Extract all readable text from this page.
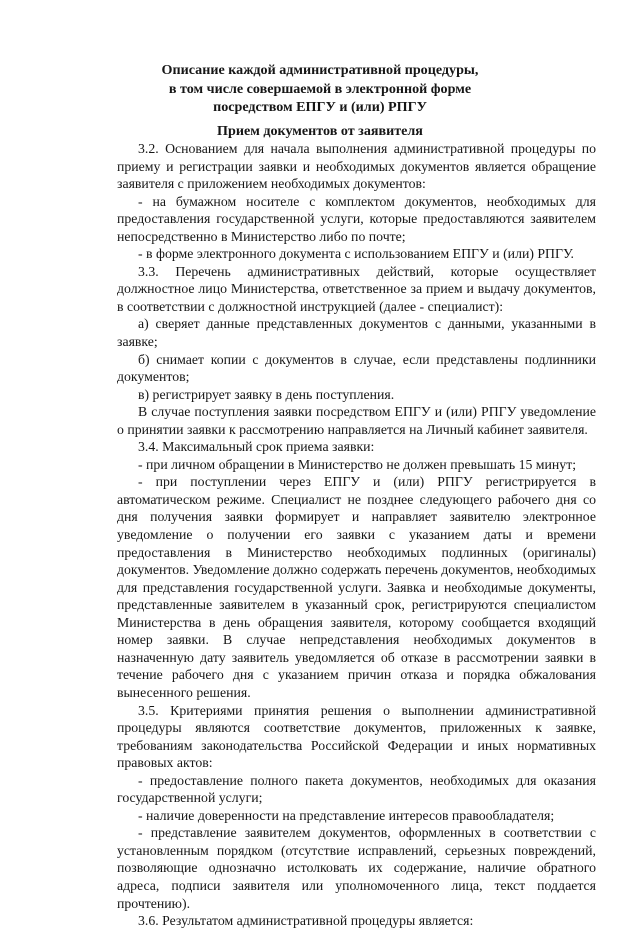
Описание каждой административной процедуры,
в том числе совершаемой в электронной форме
посредством ЕПГУ и (или) РПГУ
Прием документов от заявителя

3.2. Основанием для начала выполнения административной процедуры по приему и регистрации заявки и необходимых документов является обращение заявителя с приложением необходимых документов:

- на бумажном носителе с комплектом документов, необходимых для предоставления государственной услуги, которые предоставляются заявителем непосредственно в Министерство либо по почте;

- в форме электронного документа с использованием ЕПГУ и (или) РПГУ.

3.3. Перечень административных действий, которые осуществляет должностное лицо Министерства, ответственное за прием и выдачу документов, в соответствии с должностной инструкцией (далее - специалист):

а) сверяет данные представленных документов с данными, указанными в заявке;

б) снимает копии с документов в случае, если представлены подлинники документов;

в) регистрирует заявку в день поступления.

В случае поступления заявки посредством ЕПГУ и (или) РПГУ уведомление о принятии заявки к рассмотрению направляется на Личный кабинет заявителя.

3.4. Максимальный срок приема заявки:

- при личном обращении в Министерство не должен превышать 15 минут;

- при поступлении через ЕПГУ и (или) РПГУ регистрируется в автоматическом режиме. Специалист не позднее следующего рабочего дня со дня получения заявки формирует и направляет заявителю электронное уведомление о получении его заявки с указанием даты и времени предоставления в Министерство необходимых подлинных (оригиналы) документов. Уведомление должно содержать перечень документов, необходимых для представления государственной услуги. Заявка и необходимые документы, представленные заявителем в указанный срок, регистрируются специалистом Министерства в день обращения заявителя, которому сообщается входящий номер заявки. В случае непредставления необходимых документов в назначенную дату заявитель уведомляется об отказе в рассмотрении заявки в течение рабочего дня с указанием причин отказа и порядка обжалования вынесенного решения.

3.5. Критериями принятия решения о выполнении административной процедуры являются соответствие документов, приложенных к заявке, требованиям законодательства Российской Федерации и иных нормативных правовых актов:

- предоставление полного пакета документов, необходимых для оказания государственной услуги;

- наличие доверенности на представление интересов правообладателя;

- представление заявителем документов, оформленных в соответствии с установленным порядком (отсутствие исправлений, серьезных повреждений, позволяющие однозначно истолковать их содержание, наличие обратного адреса, подписи заявителя или уполномоченного лица, текст поддается прочтению).

3.6. Результатом административной процедуры является:
